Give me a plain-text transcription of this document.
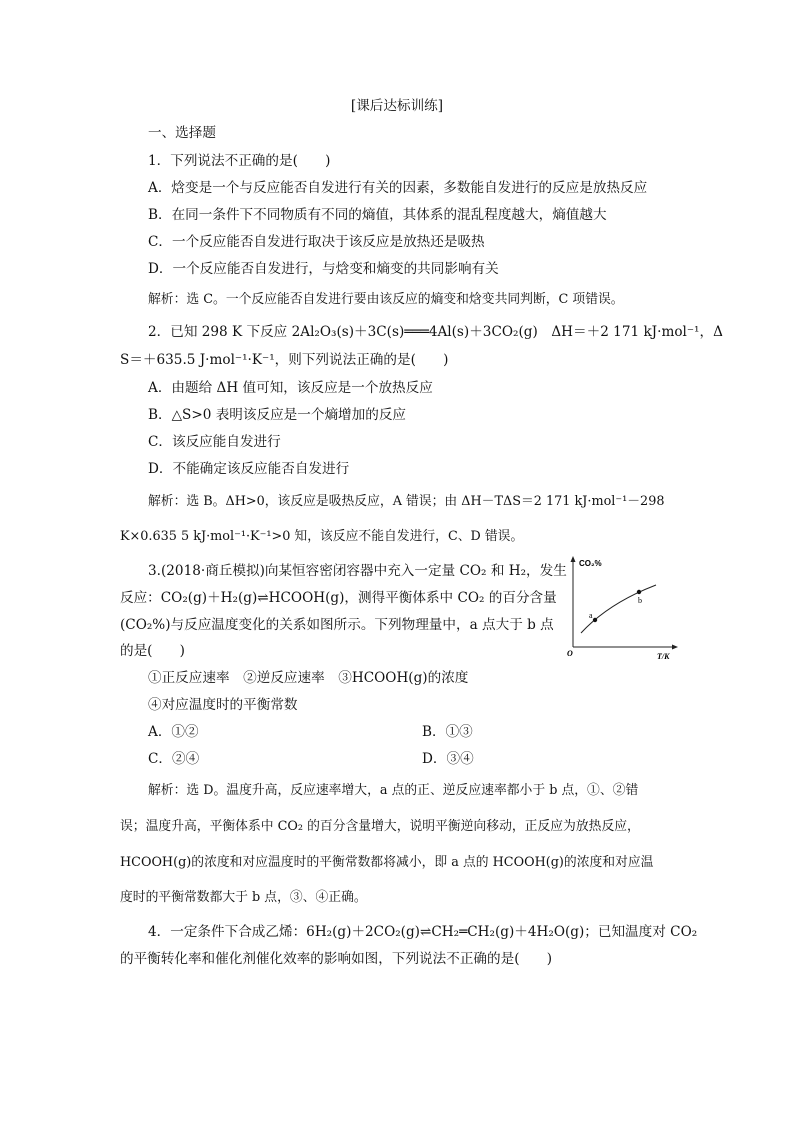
[课后达标训练]
一、选择题
1．下列说法不正确的是(　　)
A．焓变是一个与反应能否自发进行有关的因素，多数能自发进行的反应是放热反应
B．在同一条件下不同物质有不同的熵值，其体系的混乱程度越大，熵值越大
C．一个反应能否自发进行取决于该反应是放热还是吸热
D．一个反应能否自发进行，与焓变和熵变的共同影响有关
解析：选 C。一个反应能否自发进行要由该反应的熵变和焓变共同判断，C 项错误。
2．已知 298 K 下反应 2Al₂O₃(s)＋3C(s)═══4Al(s)＋3CO₂(g)　ΔH＝＋2 171 kJ·mol⁻¹，Δ
S＝＋635.5 J·mol⁻¹·K⁻¹，则下列说法正确的是(　　)
A．由题给 ΔH 值可知，该反应是一个放热反应
B．△S>0 表明该反应是一个熵增加的反应
C．该反应能自发进行
D．不能确定该反应能否自发进行
解析：选 B。ΔH>0，该反应是吸热反应，A 错误；由 ΔH－TΔS＝2 171 kJ·mol⁻¹－298
K×0.635 5 kJ·mol⁻¹·K⁻¹>0 知，该反应不能自发进行，C、D 错误。
3.(2018·商丘模拟)向某恒容密闭容器中充入一定量 CO₂ 和 H₂，发生
反应：CO₂(g)＋H₂(g)⇌HCOOH(g)，测得平衡体系中 CO₂ 的百分含量
(CO₂%)与反应温度变化的关系如图所示。下列物理量中，a 点大于 b 点
的是(　　)
CO₂%
O	T/K
a
b
①正反应速率　②逆反应速率　③HCOOH(g)的浓度
④对应温度时的平衡常数
A．①②	B．①③
C．②④	D．③④
解析：选 D。温度升高，反应速率增大，a 点的正、逆反应速率都小于 b 点，①、②错
误；温度升高，平衡体系中 CO₂ 的百分含量增大，说明平衡逆向移动，正反应为放热反应，
HCOOH(g)的浓度和对应温度时的平衡常数都将减小，即 a 点的 HCOOH(g)的浓度和对应温
度时的平衡常数都大于 b 点，③、④正确。
4．一定条件下合成乙烯：6H₂(g)＋2CO₂(g)⇌CH₂═CH₂(g)＋4H₂O(g)；已知温度对 CO₂
的平衡转化率和催化剂催化效率的影响如图，下列说法不正确的是(　　)
